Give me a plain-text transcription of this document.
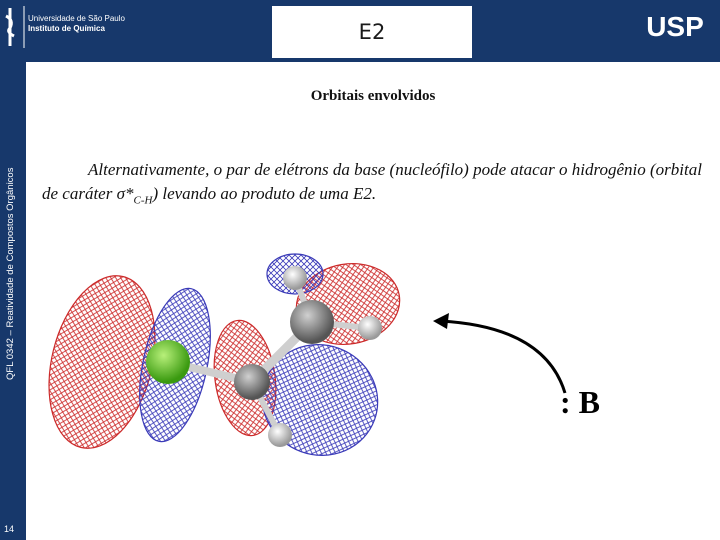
Universidade de São Paulo
Instituto de Química	E2	USP
QFL 0342 – Reatividade de Compostos Orgânicos
14
Orbitais envolvidos
Alternativamente, o par de elétrons da base (nucleófilo) pode atacar o hidrogênio (orbital de caráter $\sigma*_{C-H}$) levando ao produto de uma E2.
: B
